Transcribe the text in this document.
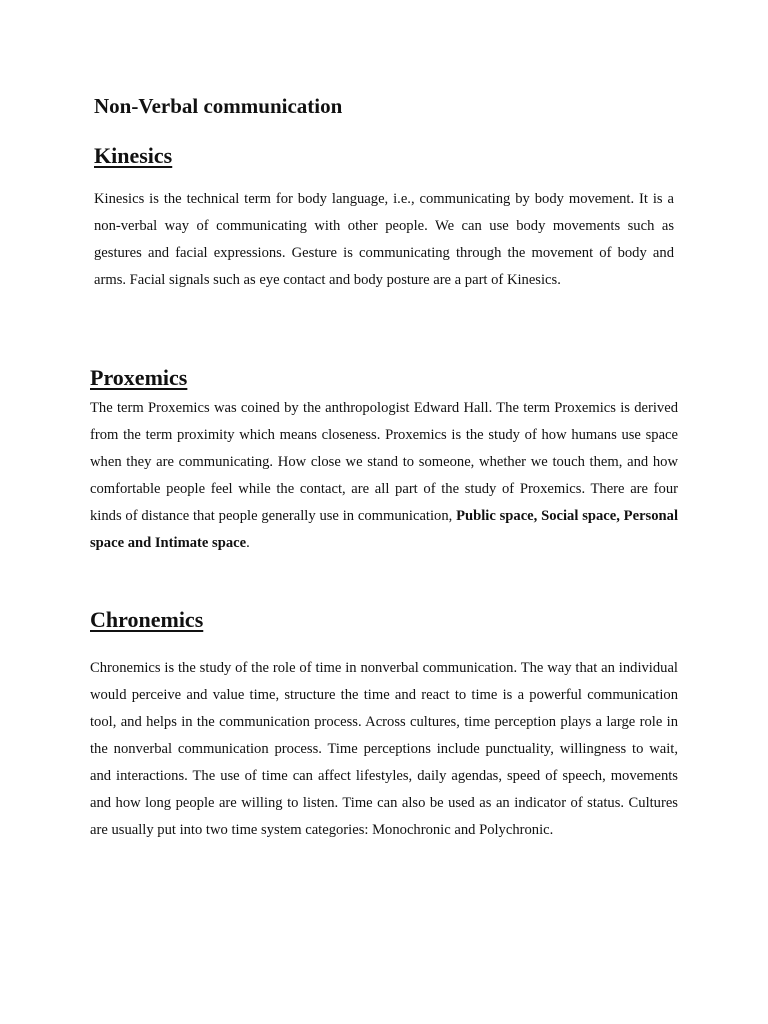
Non-Verbal communication
Kinesics

Kinesics is the technical term for body language, i.e., communicating by body movement. It is a non-verbal way of communicating with other people. We can use body movements such as gestures and facial expressions. Gesture is communicating through the movement of body and arms. Facial signals such as eye contact and body posture are a part of Kinesics.

Proxemics

The term Proxemics was coined by the anthropologist Edward Hall. The term Proxemics is derived from the term proximity which means closeness. Proxemics is the study of how humans use space when they are communicating. How close we stand to someone, whether we touch them, and how comfortable people feel while the contact, are all part of the study of Proxemics. There are four kinds of distance that people generally use in communication, Public space, Social space, Personal space and Intimate space.

Chronemics

Chronemics is the study of the role of time in nonverbal communication. The way that an individual would perceive and value time, structure the time and react to time is a powerful communication tool, and helps in the communication process. Across cultures, time perception plays a large role in the nonverbal communication process. Time perceptions include punctuality, willingness to wait, and interactions. The use of time can affect lifestyles, daily agendas, speed of speech, movements and how long people are willing to listen. Time can also be used as an indicator of status. Cultures are usually put into two time system categories: Monochronic and Polychronic.
